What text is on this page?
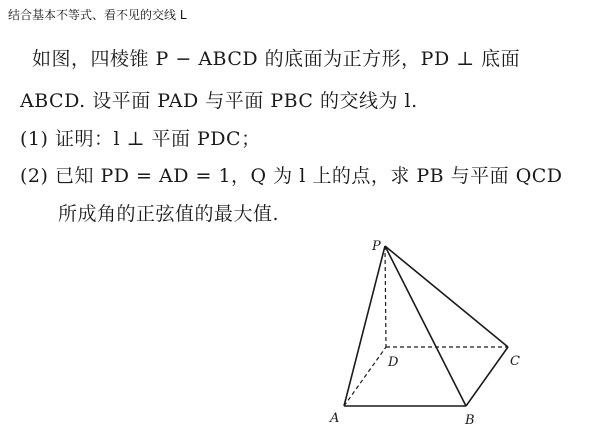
结合基本不等式、看不见的交线 L
如图，四棱锥 P − ABCD 的底面为正方形，PD ⊥ 底面
ABCD. 设平面 PAD 与平面 PBC 的交线为 l.
(1) 证明：l ⊥ 平面 PDC；
(2) 已知 PD = AD = 1，Q 为 l 上的点，求 PB 与平面 QCD
所成角的正弦值的最大值.
P
A	B
C
D
